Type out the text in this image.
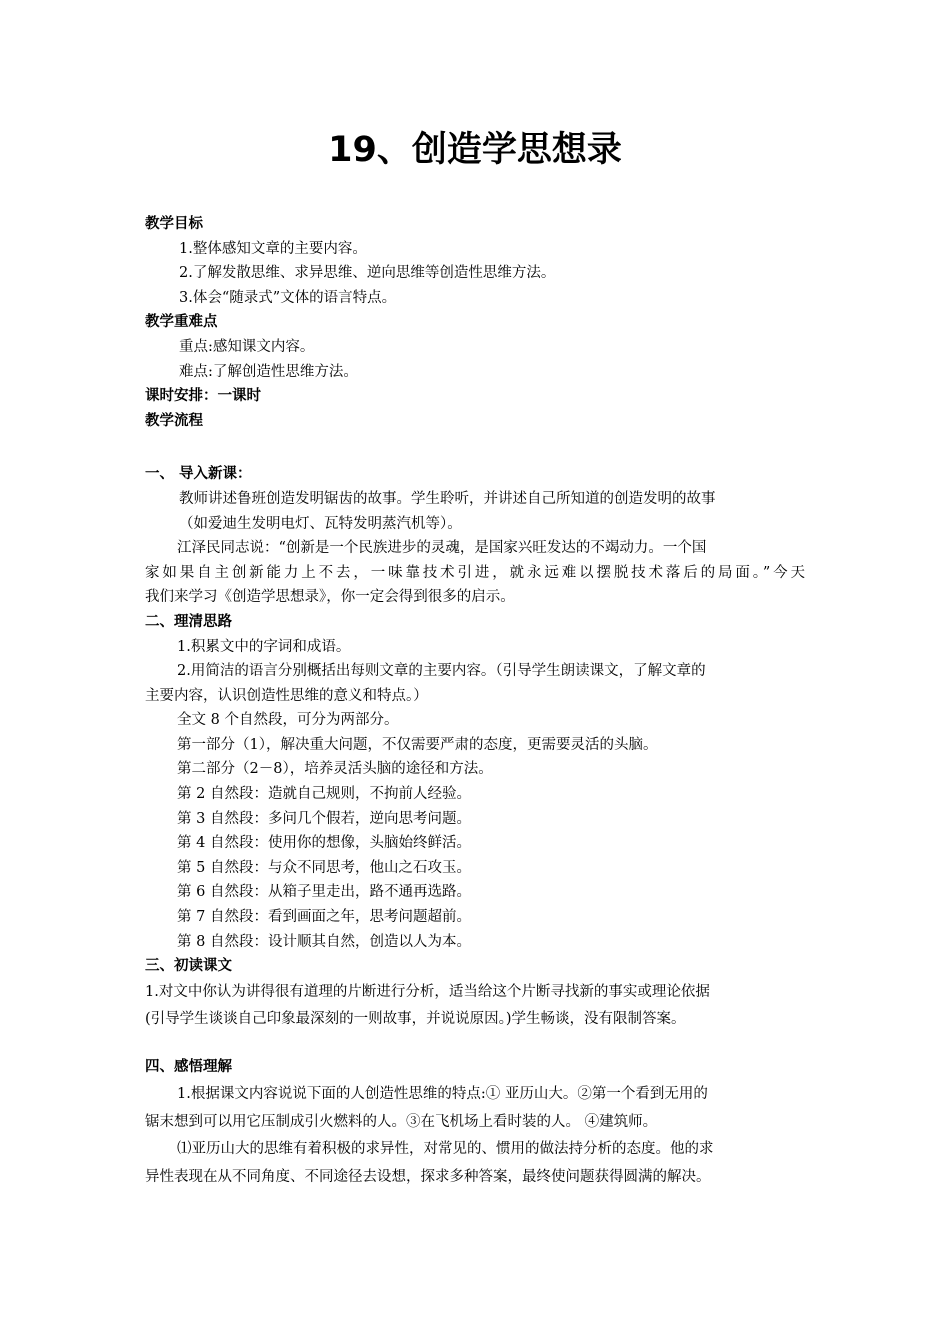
19、创造学思想录

教学目标

1.整体感知文章的主要内容。

2.了解发散思维、求异思维、逆向思维等创造性思维方法。

3.体会“随录式”文体的语言特点。

教学重难点

重点:感知课文内容。

难点:了解创造性思维方法。

课时安排：一课时

教学流程

一、 导入新课：

教师讲述鲁班创造发明锯齿的故事。学生聆听，并讲述自己所知道的创造发明的故事

（如爱迪生发明电灯、瓦特发明蒸汽机等）。

江泽民同志说：“创新是一个民族进步的灵魂，是国家兴旺发达的不竭动力。一个国

家如果自主创新能力上不去，一味靠技术引进，就永远难以摆脱技术落后的局面。”今天

我们来学习《创造学思想录》，你一定会得到很多的启示。

二、理清思路

1.积累文中的字词和成语。

2.用简洁的语言分别概括出每则文章的主要内容。（引导学生朗读课文，了解文章的

主要内容，认识创造性思维的意义和特点。）

全文 8 个自然段，可分为两部分。

第一部分（1），解决重大问题，不仅需要严肃的态度，更需要灵活的头脑。

第二部分（2－8），培养灵活头脑的途径和方法。

第 2 自然段：造就自己规则，不拘前人经验。

第 3 自然段：多问几个假若，逆向思考问题。

第 4 自然段：使用你的想像，头脑始终鲜活。

第 5 自然段：与众不同思考，他山之石攻玉。

第 6 自然段：从箱子里走出，路不通再选路。

第 7 自然段：看到画面之年，思考问题超前。

第 8 自然段：设计顺其自然，创造以人为本。

三、初读课文

1.对文中你认为讲得很有道理的片断进行分析，适当给这个片断寻找新的事实或理论依据

(引导学生谈谈自己印象最深刻的一则故事，并说说原因。)学生畅谈，没有限制答案。

四、感悟理解

1.根据课文内容说说下面的人创造性思维的特点:① 亚历山大。②第一个看到无用的

锯末想到可以用它压制成引火燃料的人。③在飞机场上看时装的人。 ④建筑师。

⑴亚历山大的思维有着积极的求异性，对常见的、惯用的做法持分析的态度。他的求

异性表现在从不同角度、不同途径去设想，探求多种答案，最终使问题获得圆满的解决。
